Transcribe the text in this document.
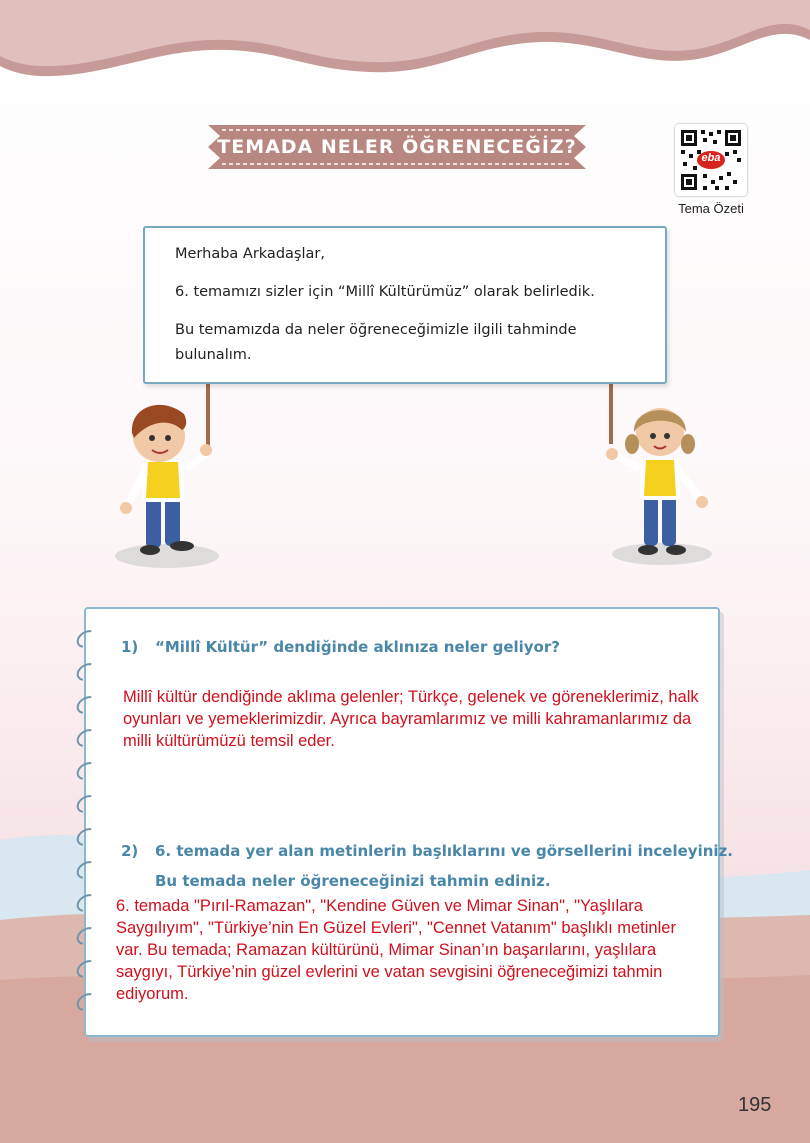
TEMADA NELER ÖĞRENECEĞİZ?	eba
Tema Özeti

Merhaba Arkadaşlar,

6. temamızı sizler için “Millî Kültürümüz” olarak belirledik.

Bu temamızda da neler öğreneceğimizle ilgili tahminde bulunalım.

1) “Millî Kültür” dendiğinde aklınıza neler geliyor?
Millî kültür dendiğinde aklıma gelenler; Türkçe, gelenek ve göreneklerimiz, halk oyunları ve yemeklerimizdir. Ayrıca bayramlarımız ve milli kahramanlarımız da milli kültürümüzü temsil eder.
2) 6. temada yer alan metinlerin başlıklarını ve görsellerini inceleyiniz.
Bu temada neler öğreneceğinizi tahmin ediniz.
6. temada "Pırıl-Ramazan", "Kendine Güven ve Mimar Sinan", "Yaşlılara Saygılıyım", "Türkiye’nin En Güzel Evleri", "Cennet Vatanım" başlıklı metinler var. Bu temada; Ramazan kültürünü, Mimar Sinan’ın başarılarını, yaşlılara saygıyı, Türkiye’nin güzel evlerini ve vatan sevgisini öğreneceğimizi tahmin ediyorum.
195
